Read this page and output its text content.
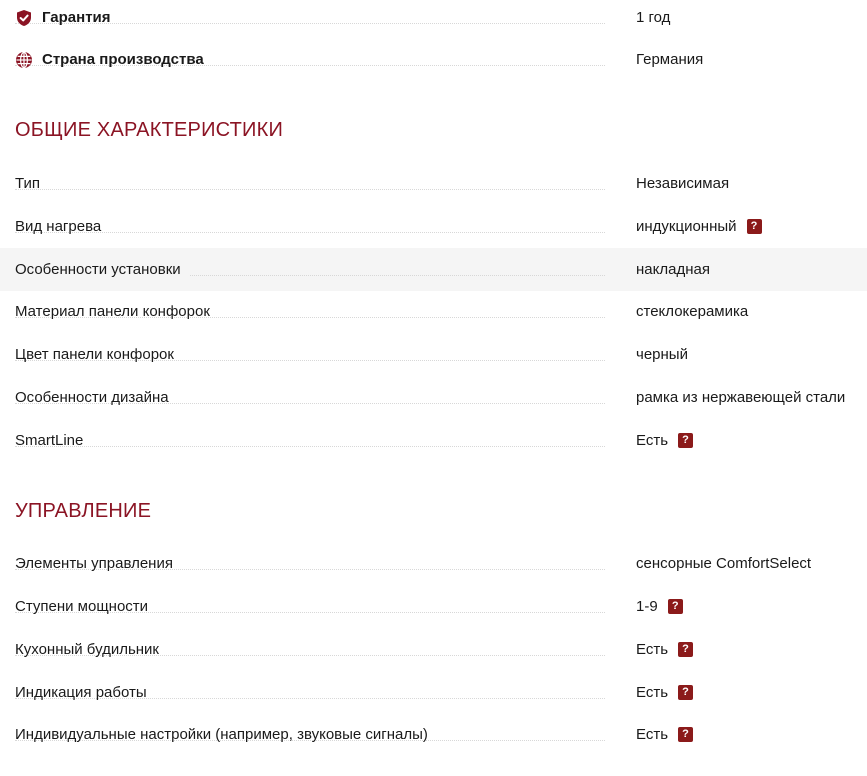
Гарантия	1 год
Страна производства	Германия
ОБЩИЕ ХАРАКТЕРИСТИКИ
Тип	Независимая
Вид нагрева	индукционный	?
Особенности установки	накладная
Материал панели конфорок	стеклокерамика
Цвет панели конфорок	черный
Особенности дизайна	рамка из нержавеющей стали
SmartLine	Есть	?
УПРАВЛЕНИЕ
Элементы управления	сенсорные ComfortSelect
Ступени мощности	1-9	?
Кухонный будильник	Есть	?
Индикация работы	Есть	?
Индивидуальные настройки (например, звуковые сигналы)	Есть	?
